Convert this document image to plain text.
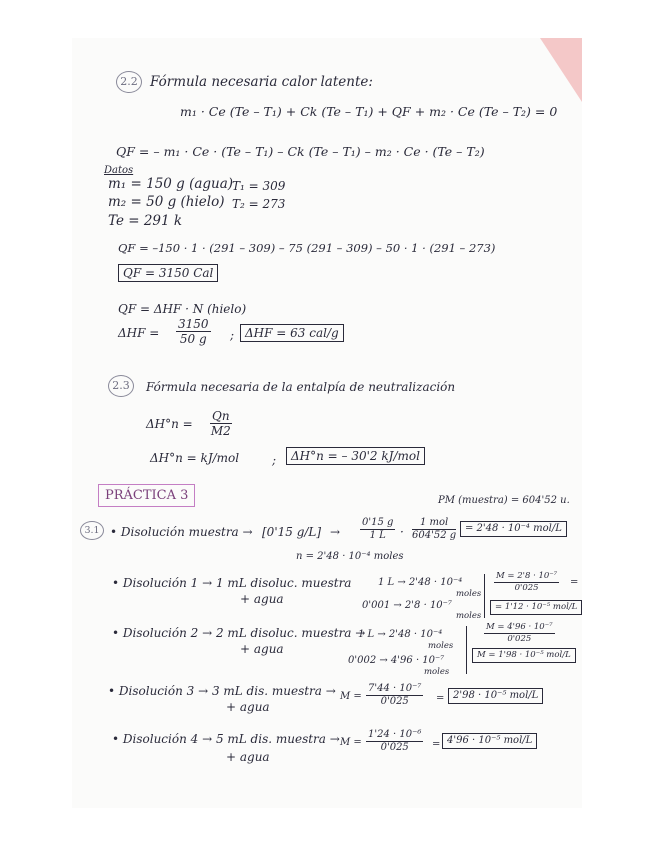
2.2 Fórmula necesaria calor latente:
m₁ · Ce (Te – T₁) + Ck (Te – T₁) + QF + m₂ · Ce (Te – T₂) = 0
QF = – m₁ · Ce · (Te – T₁) – Ck (Te – T₁) – m₂ · Ce · (Te – T₂)
Datos
m₁ = 150 g (agua)
T₁ = 309
m₂ = 50 g (hielo) T₂ = 273
Te = 291 k
QF = –150 · 1 · (291 – 309) – 75 (291 – 309) – 50 · 1 · (291 – 273)
QF = 3150 Cal
QF = ΔHF · N (hielo)
$\Delta HF = \frac{3150}{50 g}$ ; ΔHF = 63 cal/g
2.3	Fórmula necesaria de la entalpía de neutralización
$\Delta H^\circ n = \frac{Qn}{M2}$
ΔH°n = kJ/mol	;	ΔH°n = – 30'2 kJ/mol
PRÁCTICA 3	PM (muestra) = 604'52 u.
3.1 • Disolución muestra → [0'15 $g/L] \to \frac{0'15 g}{1 L}$ ·
1 mol
604'52 g
= 2'48 · 10⁻⁴ mol/L
n = 2'48 · 10⁻⁴ moles
• Disolución 1 → 1 mL disoluc. muestra
+ agua
1 L → 2'48 · 10⁻⁴
moles
0'001 → 2'8 · 10⁻⁷
moles
$\frac{\text{M = 2'8 · 10⁻⁷}}{0'025}$ =
= 1'12 · 10⁻⁵ mol/L
• Disolución 2 → 2 mL disoluc. muestra →
+ agua
1 L → 2'48 · 10⁻⁴
moles
0'002 → 4'96 · 10⁻⁷
moles
$\frac{\text{M = 4'96 · 10⁻⁷}}{0'025}$
M = 1'98 · 10⁻⁵ mol/L
• Disolución 3 → 3 mL dis. muestra →
+ agua
$M = \frac{\text{7'44 · 10⁻⁷}}{0'025} = 2'98 \cdot 10^{-5}$ mol/L
• Disolución 4 → 5 mL dis. muestra →
+ agua
$M = \frac{\text{1'24 · 10⁻⁶}}{0'025} = 4'96 \cdot 10^{-5}$ mol/L
